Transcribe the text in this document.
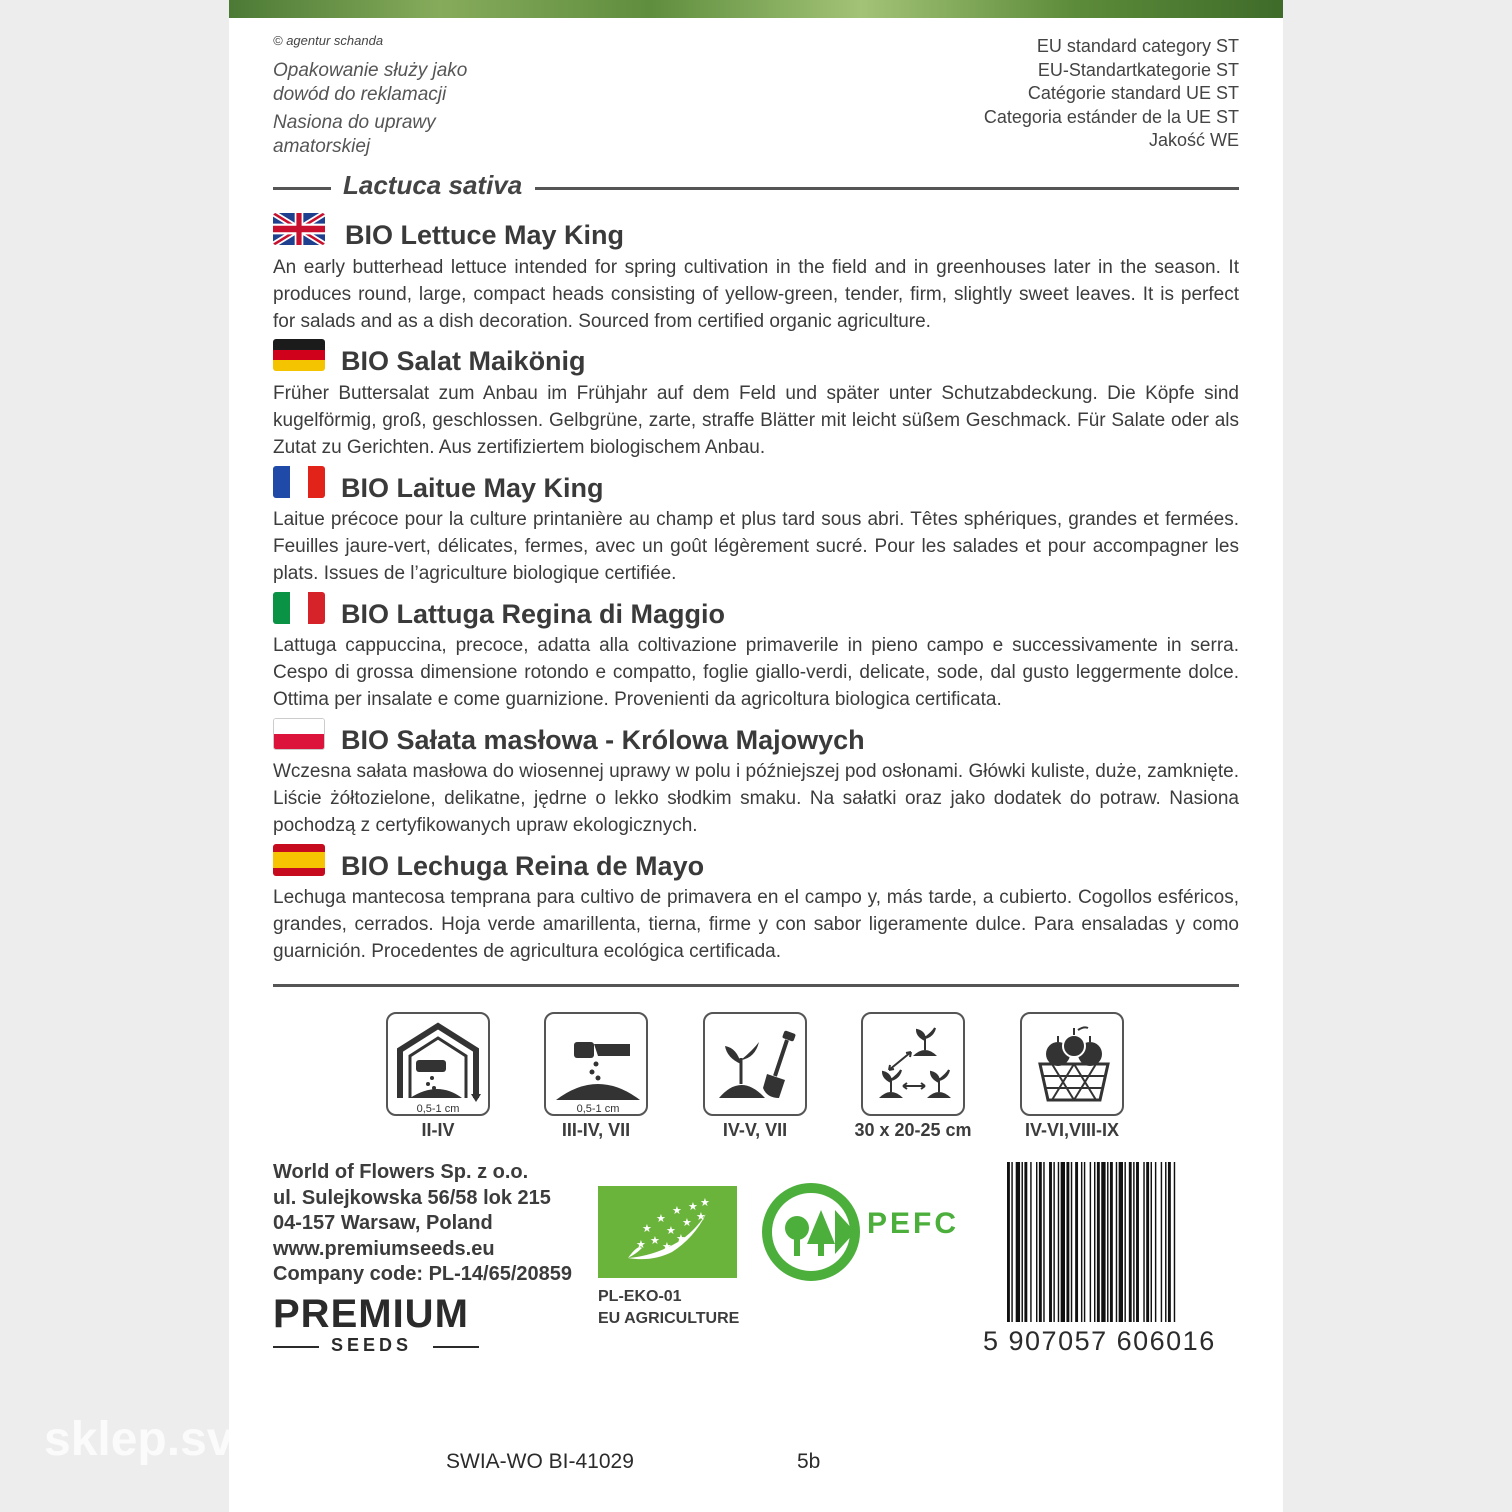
© agentur schanda
Opakowanie służy jako dowód do reklamacji
Nasiona do uprawy amatorskiej
EU standard category ST
EU-Standartkategorie ST
Catégorie standard UE ST
Categoria estánder de la UE ST
Jakość WE
Lactuca sativa
BIO Lettuce May King
An early butterhead lettuce intended for spring cultivation in the field and in greenhouses later in the season. It produces round, large, compact heads consisting of yellow-green, tender, firm, slightly sweet leaves. It is perfect for salads and as a dish decoration. Sourced from certified organic agriculture.
BIO Salat Maikönig
Früher Buttersalat zum Anbau im Frühjahr auf dem Feld und später unter Schutzabdeckung. Die Köpfe sind kugelförmig, groß, geschlossen. Gelbgrüne, zarte, straffe Blätter mit leicht süßem Geschmack. Für Salate oder als Zutat zu Gerichten. Aus zertifiziertem biologischem Anbau.
BIO Laitue May King
Laitue précoce pour la culture printanière au champ et plus tard sous abri. Têtes sphériques, grandes et fermées. Feuilles jaure-vert, délicates, fermes, avec un goût légèrement sucré. Pour les salades et pour accompagner les plats. Issues de l’agriculture biologique certifiée.
BIO Lattuga Regina di Maggio
Lattuga cappuccina, precoce, adatta alla coltivazione primaverile in pieno campo e successivamente in serra. Cespo di grossa dimensione rotondo e compatto, foglie giallo-verdi, delicate, sode, dal gusto leggermente dolce. Ottima per insalate e come guarnizione. Provenienti da agricoltura biologica certificata.
BIO Sałata masłowa - Królowa Majowych
Wczesna sałata masłowa do wiosennej uprawy w polu i późniejszej pod osłonami. Główki kuliste, duże, zamknięte. Liście żółtozielone, delikatne, jędrne o lekko słodkim smaku. Na sałatki oraz jako dodatek do potraw. Nasiona pochodzą z certyfikowanych upraw ekologicznych.
BIO Lechuga Reina de Mayo
Lechuga mantecosa temprana para cultivo de primavera en el campo y, más tarde, a cubierto. Cogollos esféricos, grandes, cerrados. Hoja verde amarillenta, tierna, firme y con sabor ligeramente dulce. Para ensaladas y como guarnición. Procedentes de agricultura ecológica certificada.
0,5-1 cm
II-IV
0,5-1 cm
III-IV, VII	IV-V, VII	30 x 20-25 cm	IV-VI,VIII-IX
World of Flowers Sp. z o.o.
ul. Sulejkowska 56/58 lok 215
04-157 Warsaw, Poland
www.premiumseeds.eu
Company code: PL-14/65/20859
PREMIUM
SEEDS
★ ★
★
★
★
★
★
★
★
★
★
★
PL-EKO-01
EU AGRICULTURE
PEFC
5 907057 606016
sklep.sv	SWIA-WO BI-41029	5b
